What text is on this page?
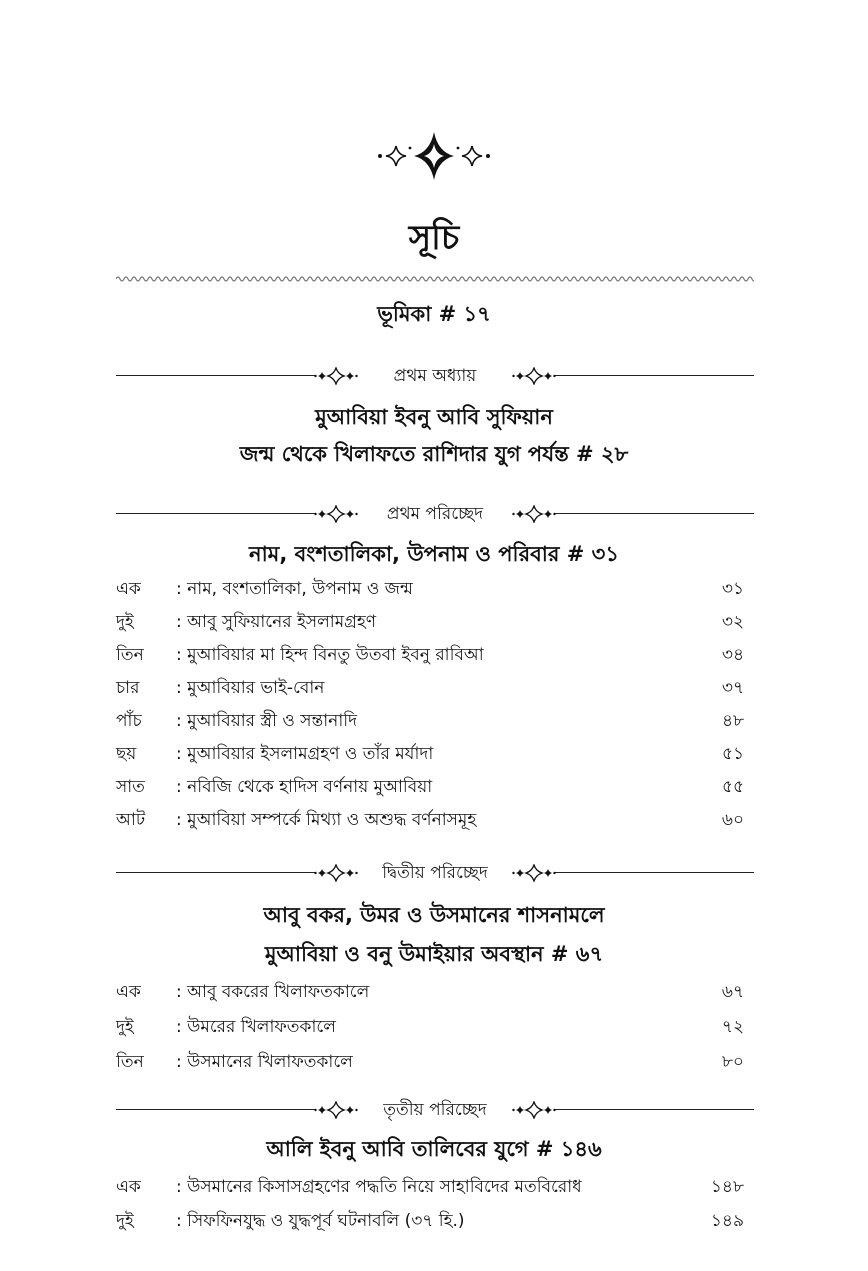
সূচি
ভূমিকা # ১৭
প্রথম অধ্যায়
মুআবিয়া ইবনু আবি সুফিয়ান
জন্ম থেকে খিলাফতে রাশিদার যুগ পর্যন্ত # ২৮
প্রথম পরিচ্ছেদ
নাম, বংশতালিকা, উপনাম ও পরিবার # ৩১
এক	: নাম, বংশতালিকা, উপনাম ও জন্ম	৩১
দুই	: আবু সুফিয়ানের ইসলামগ্রহণ	৩২
তিন	: মুআবিয়ার মা হিন্দ বিনতু উতবা ইবনু রাবিআ	৩৪
চার	: মুআবিয়ার ভাই-বোন	৩৭
পাঁচ	: মুআবিয়ার স্ত্রী ও সন্তানাদি	৪৮
ছয়	: মুআবিয়ার ইসলামগ্রহণ ও তাঁর মর্যাদা	৫১
সাত	: নবিজি থেকে হাদিস বর্ণনায় মুআবিয়া	৫৫
আট	: মুআবিয়া সম্পর্কে মিথ্যা ও অশুদ্ধ বর্ণনাসমূহ	৬০
দ্বিতীয় পরিচ্ছেদ
আবু বকর, উমর ও উসমানের শাসনামলে
মুআবিয়া ও বনু উমাইয়ার অবস্থান # ৬৭
এক	: আবু বকরের খিলাফতকালে	৬৭
দুই	: উমরের খিলাফতকালে	৭২
তিন	: উসমানের খিলাফতকালে	৮০
তৃতীয় পরিচ্ছেদ
আলি ইবনু আবি তালিবের যুগে # ১৪৬
এক	: উসমানের কিসাসগ্রহণের পদ্ধতি নিয়ে সাহাবিদের মতবিরোধ	১৪৮
দুই	: সিফফিনযুদ্ধ ও যুদ্ধপূর্ব ঘটনাবলি (৩৭ হি.)	১৪৯
